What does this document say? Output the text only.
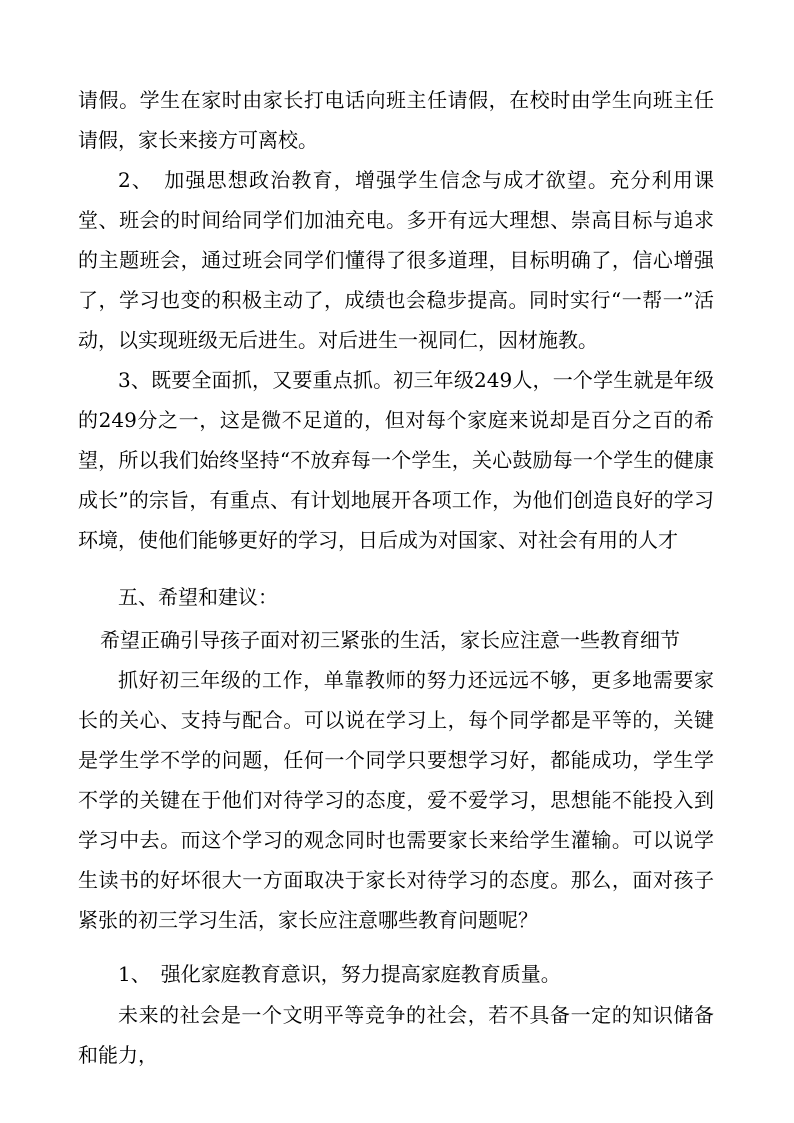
请假。学生在家时由家长打电话向班主任请假，在校时由学生向班主任请假，家长来接方可离校。

2、　加强思想政治教育，增强学生信念与成才欲望。充分利用课堂、班会的时间给同学们加油充电。多开有远大理想、崇高目标与追求的主题班会，通过班会同学们懂得了很多道理，目标明确了，信心增强了，学习也变的积极主动了，成绩也会稳步提高。同时实行“一帮一”活动，以实现班级无后进生。对后进生一视同仁，因材施教。

3、既要全面抓，又要重点抓。初三年级249人，一个学生就是年级的249分之一，这是微不足道的，但对每个家庭来说却是百分之百的希望，所以我们始终坚持“不放弃每一个学生，关心鼓励每一个学生的健康成长”的宗旨，有重点、有计划地展开各项工作，为他们创造良好的学习环境，使他们能够更好的学习，日后成为对国家、对社会有用的人才

五、希望和建议：

希望正确引导孩子面对初三紧张的生活，家长应注意一些教育细节

抓好初三年级的工作，单靠教师的努力还远远不够，更多地需要家长的关心、支持与配合。可以说在学习上，每个同学都是平等的，关键是学生学不学的问题，任何一个同学只要想学习好，都能成功，学生学不学的关键在于他们对待学习的态度，爱不爱学习，思想能不能投入到学习中去。而这个学习的观念同时也需要家长来给学生灌输。可以说学生读书的好坏很大一方面取决于家长对待学习的态度。那么，面对孩子紧张的初三学习生活，家长应注意哪些教育问题呢？

1、　强化家庭教育意识，努力提高家庭教育质量。

未来的社会是一个文明平等竞争的社会，若不具备一定的知识储备和能力，
